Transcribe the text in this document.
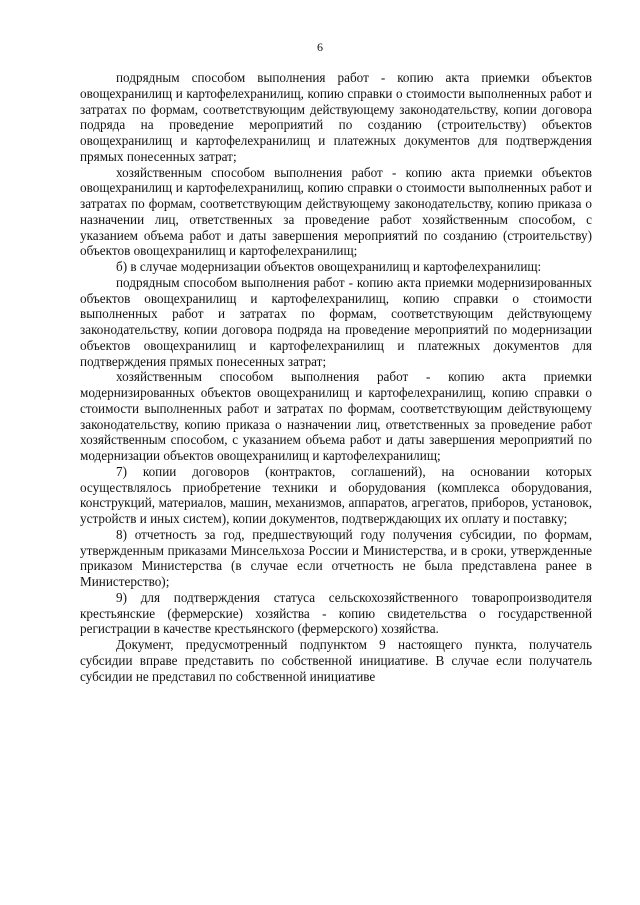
6

подрядным способом выполнения работ - копию акта приемки объектов овощехранилищ и картофелехранилищ, копию справки о стоимости выполненных работ и затратах по формам, соответствующим действующему законодательству, копии договора подряда на проведение мероприятий по созданию (строительству) объектов овощехранилищ и картофелехранилищ и платежных документов для подтверждения прямых понесенных затрат;

хозяйственным способом выполнения работ - копию акта приемки объектов овощехранилищ и картофелехранилищ, копию справки о стоимости выполненных работ и затратах по формам, соответствующим действующему законодательству, копию приказа о назначении лиц, ответственных за проведение работ хозяйственным способом, с указанием объема работ и даты завершения мероприятий по созданию (строительству) объектов овощехранилищ и картофелехранилищ;

б) в случае модернизации объектов овощехранилищ и картофелехранилищ:

подрядным способом выполнения работ - копию акта приемки модернизированных объектов овощехранилищ и картофелехранилищ, копию справки о стоимости выполненных работ и затратах по формам, соответствующим действующему законодательству, копии договора подряда на проведение мероприятий по модернизации объектов овощехранилищ и картофелехранилищ и платежных документов для подтверждения прямых понесенных затрат;

хозяйственным способом выполнения работ - копию акта приемки модернизированных объектов овощехранилищ и картофелехранилищ, копию справки о стоимости выполненных работ и затратах по формам, соответствующим действующему законодательству, копию приказа о назначении лиц, ответственных за проведение работ хозяйственным способом, с указанием объема работ и даты завершения мероприятий по модернизации объектов овощехранилищ и картофелехранилищ;

7) копии договоров (контрактов, соглашений), на основании которых осуществлялось приобретение техники и оборудования (комплекса оборудования, конструкций, материалов, машин, механизмов, аппаратов, агрегатов, приборов, установок, устройств и иных систем), копии документов, подтверждающих их оплату и поставку;

8) отчетность за год, предшествующий году получения субсидии, по формам, утвержденным приказами Минсельхоза России и Министерства, и в сроки, утвержденные приказом Министерства (в случае если отчетность не была представлена ранее в Министерство);

9) для подтверждения статуса сельскохозяйственного товаропроизводителя крестьянские (фермерские) хозяйства - копию свидетельства о государственной регистрации в качестве крестьянского (фермерского) хозяйства.

Документ, предусмотренный подпунктом 9 настоящего пункта, получатель субсидии вправе представить по собственной инициативе. В случае если получатель субсидии не представил по собственной инициативе
